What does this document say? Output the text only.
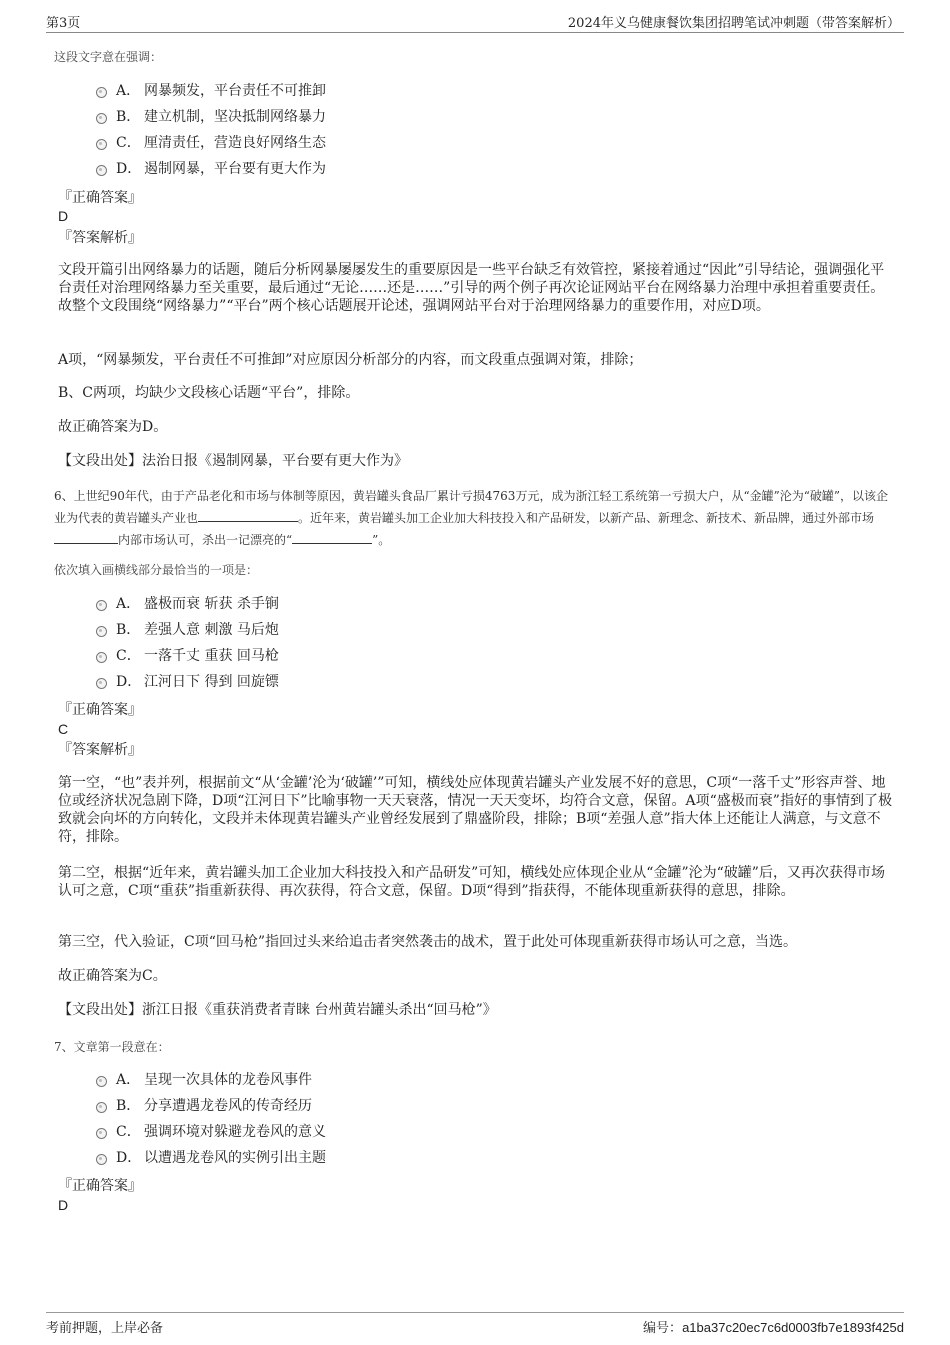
第3页	2024年义乌健康餐饮集团招聘笔试冲刺题（带答案解析）
这段文字意在强调：
A． 网暴频发，平台责任不可推卸
B． 建立机制，坚决抵制网络暴力
C． 厘清责任，营造良好网络生态
D． 遏制网暴，平台要有更大作为
『正确答案』
D
『答案解析』
文段开篇引出网络暴力的话题，随后分析网暴屡屡发生的重要原因是一些平台缺乏有效管控，紧接着通过“因此”引导结论，强调强化平台责任对治理网络暴力至关重要，最后通过“无论……还是……”引导的两个例子再次论证网站平台在网络暴力治理中承担着重要责任。故整个文段围绕“网络暴力”“平台”两个核心话题展开论述，强调网站平台对于治理网络暴力的重要作用，对应D项。
A项，“网暴频发，平台责任不可推卸”对应原因分析部分的内容，而文段重点强调对策，排除；
B、C两项，均缺少文段核心话题“平台”，排除。
故正确答案为D。
【文段出处】法治日报《遏制网暴，平台要有更大作为》
6、上世纪90年代，由于产品老化和市场与体制等原因，黄岩罐头食品厂累计亏损4763万元，成为浙江轻工系统第一亏损大户，从“金罐”沦为“破罐”，以该企业为代表的黄岩罐头产业也	。近年来，黄岩罐头加工企业加大科技投入和产品研发，以新产品、新理念、新技术、新品牌，通过外部市场内部市场认可，杀出一记漂亮的“	”。
依次填入画横线部分最恰当的一项是：
A． 盛极而衰 斩获 杀手锏
B． 差强人意 刺激 马后炮
C． 一落千丈 重获 回马枪
D． 江河日下 得到 回旋镖
『正确答案』
C
『答案解析』
第一空，“也”表并列，根据前文“从‘金罐’沦为‘破罐’”可知，横线处应体现黄岩罐头产业发展不好的意思，C项“一落千丈”形容声誉、地位或经济状况急剧下降，D项“江河日下”比喻事物一天天衰落，情况一天天变坏，均符合文意，保留。A项“盛极而衰”指好的事情到了极致就会向坏的方向转化，文段并未体现黄岩罐头产业曾经发展到了鼎盛阶段，排除；B项“差强人意”指大体上还能让人满意，与文意不符，排除。
第二空，根据“近年来，黄岩罐头加工企业加大科技投入和产品研发”可知，横线处应体现企业从“金罐”沦为“破罐”后，又再次获得市场认可之意，C项“重获”指重新获得、再次获得，符合文意，保留。D项“得到”指获得，不能体现重新获得的意思，排除。
第三空，代入验证，C项“回马枪”指回过头来给追击者突然袭击的战术，置于此处可体现重新获得市场认可之意，当选。
故正确答案为C。
【文段出处】浙江日报《重获消费者青睐 台州黄岩罐头杀出“回马枪”》
7、文章第一段意在：
A． 呈现一次具体的龙卷风事件
B． 分享遭遇龙卷风的传奇经历
C． 强调环境对躲避龙卷风的意义
D． 以遭遇龙卷风的实例引出主题
『正确答案』
D
考前押题，上岸必备	编号：a1ba37c20ec7c6d0003fb7e1893f425d
